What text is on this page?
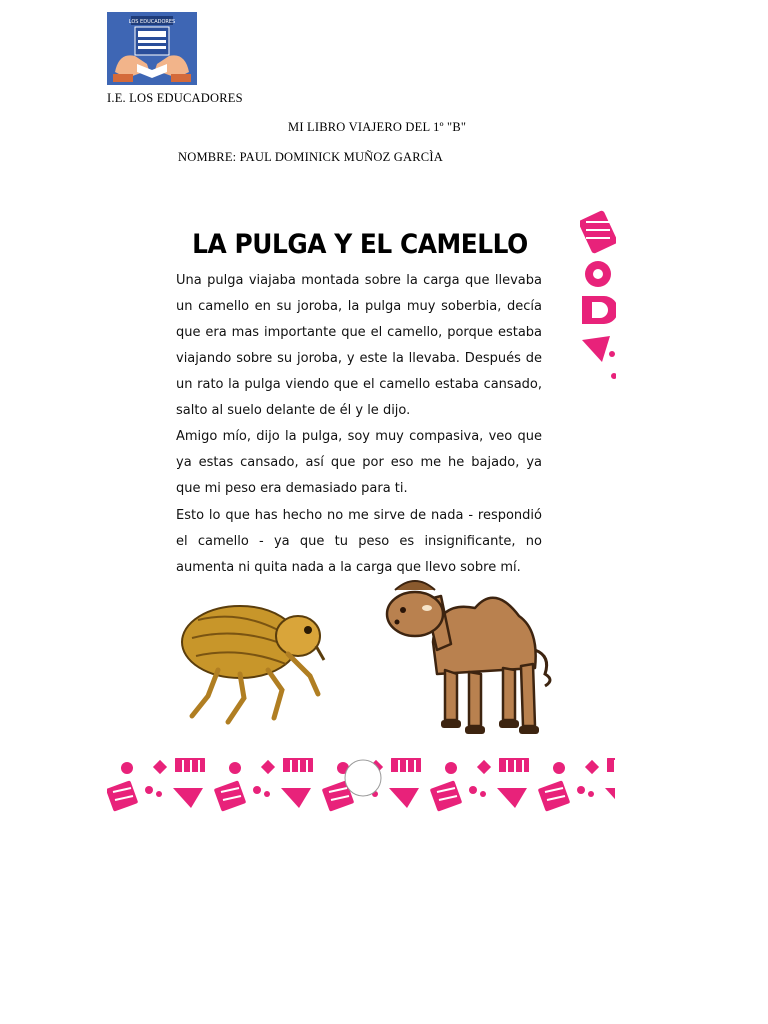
LOS EDUCADORES
I.E. LOS EDUCADORES
MI LIBRO VIAJERO DEL 1º "B"
NOMBRE: PAUL DOMINICK MUÑOZ GARCÌA
LA PULGA Y EL CAMELLO

Una pulga viajaba montada sobre la carga que llevaba un camello en su joroba, la pulga muy soberbia, decía que era mas importante que el camello, porque estaba viajando sobre su joroba, y este la llevaba. Después de un rato la pulga viendo que el camello estaba cansado, salto al suelo delante de él y le dijo.

Amigo mío, dijo la pulga, soy muy compasiva, veo que ya estas cansado, así que por eso me he bajado, ya que mi peso era demasiado para ti.

Esto lo que has hecho no me sirve de nada - respondió el camello - ya que tu peso es insignificante, no aumenta ni quita nada a la carga que llevo sobre mí.
